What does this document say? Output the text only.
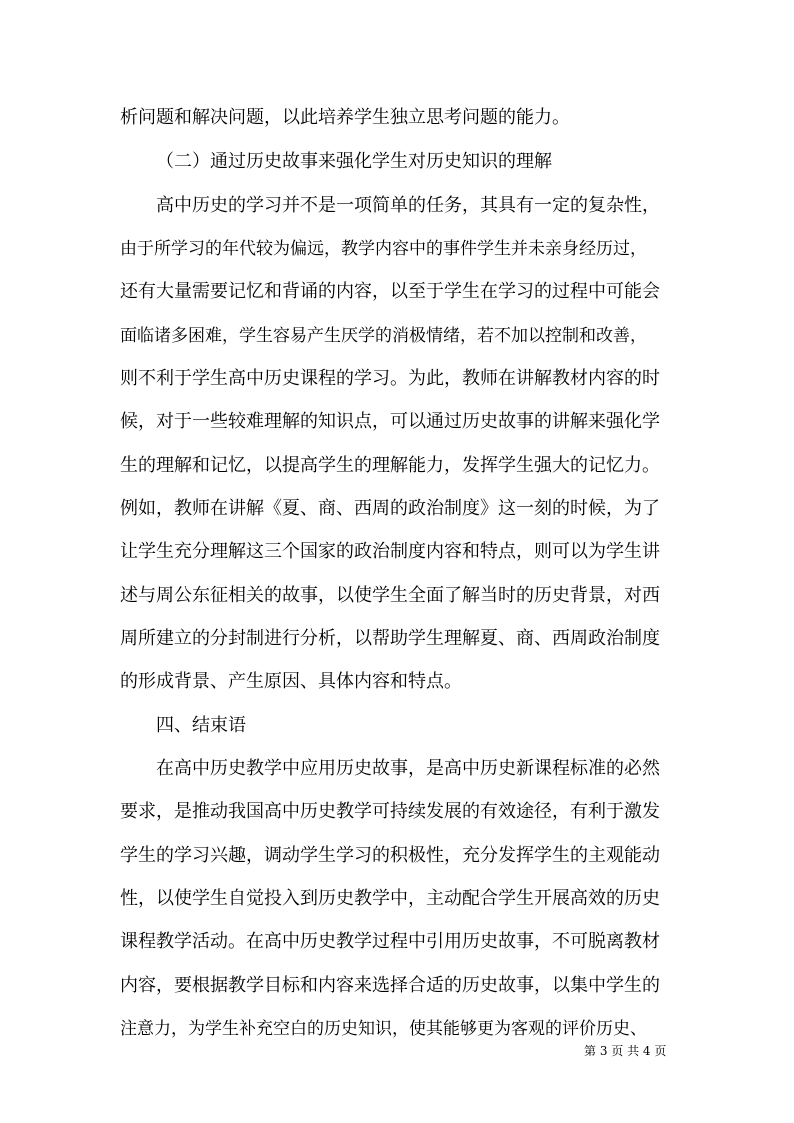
析问题和解决问题，以此培养学生独立思考问题的能力。
（二）通过历史故事来强化学生对历史知识的理解
高中历史的学习并不是一项简单的任务，其具有一定的复杂性，
由于所学习的年代较为偏远，教学内容中的事件学生并未亲身经历过，
还有大量需要记忆和背诵的内容，以至于学生在学习的过程中可能会
面临诸多困难，学生容易产生厌学的消极情绪，若不加以控制和改善，
则不利于学生高中历史课程的学习。为此，教师在讲解教材内容的时
候，对于一些较难理解的知识点，可以通过历史故事的讲解来强化学
生的理解和记忆，以提高学生的理解能力，发挥学生强大的记忆力。
例如，教师在讲解《夏、商、西周的政治制度》这一刻的时候，为了
让学生充分理解这三个国家的政治制度内容和特点，则可以为学生讲
述与周公东征相关的故事，以使学生全面了解当时的历史背景，对西
周所建立的分封制进行分析，以帮助学生理解夏、商、西周政治制度
的形成背景、产生原因、具体内容和特点。
四、结束语
在高中历史教学中应用历史故事，是高中历史新课程标准的必然
要求，是推动我国高中历史教学可持续发展的有效途径，有利于激发
学生的学习兴趣，调动学生学习的积极性，充分发挥学生的主观能动
性，以使学生自觉投入到历史教学中，主动配合学生开展高效的历史
课程教学活动。在高中历史教学过程中引用历史故事，不可脱离教材
内容，要根据教学目标和内容来选择合适的历史故事，以集中学生的
注意力，为学生补充空白的历史知识，使其能够更为客观的评价历史、
第 3 页 共 4 页
